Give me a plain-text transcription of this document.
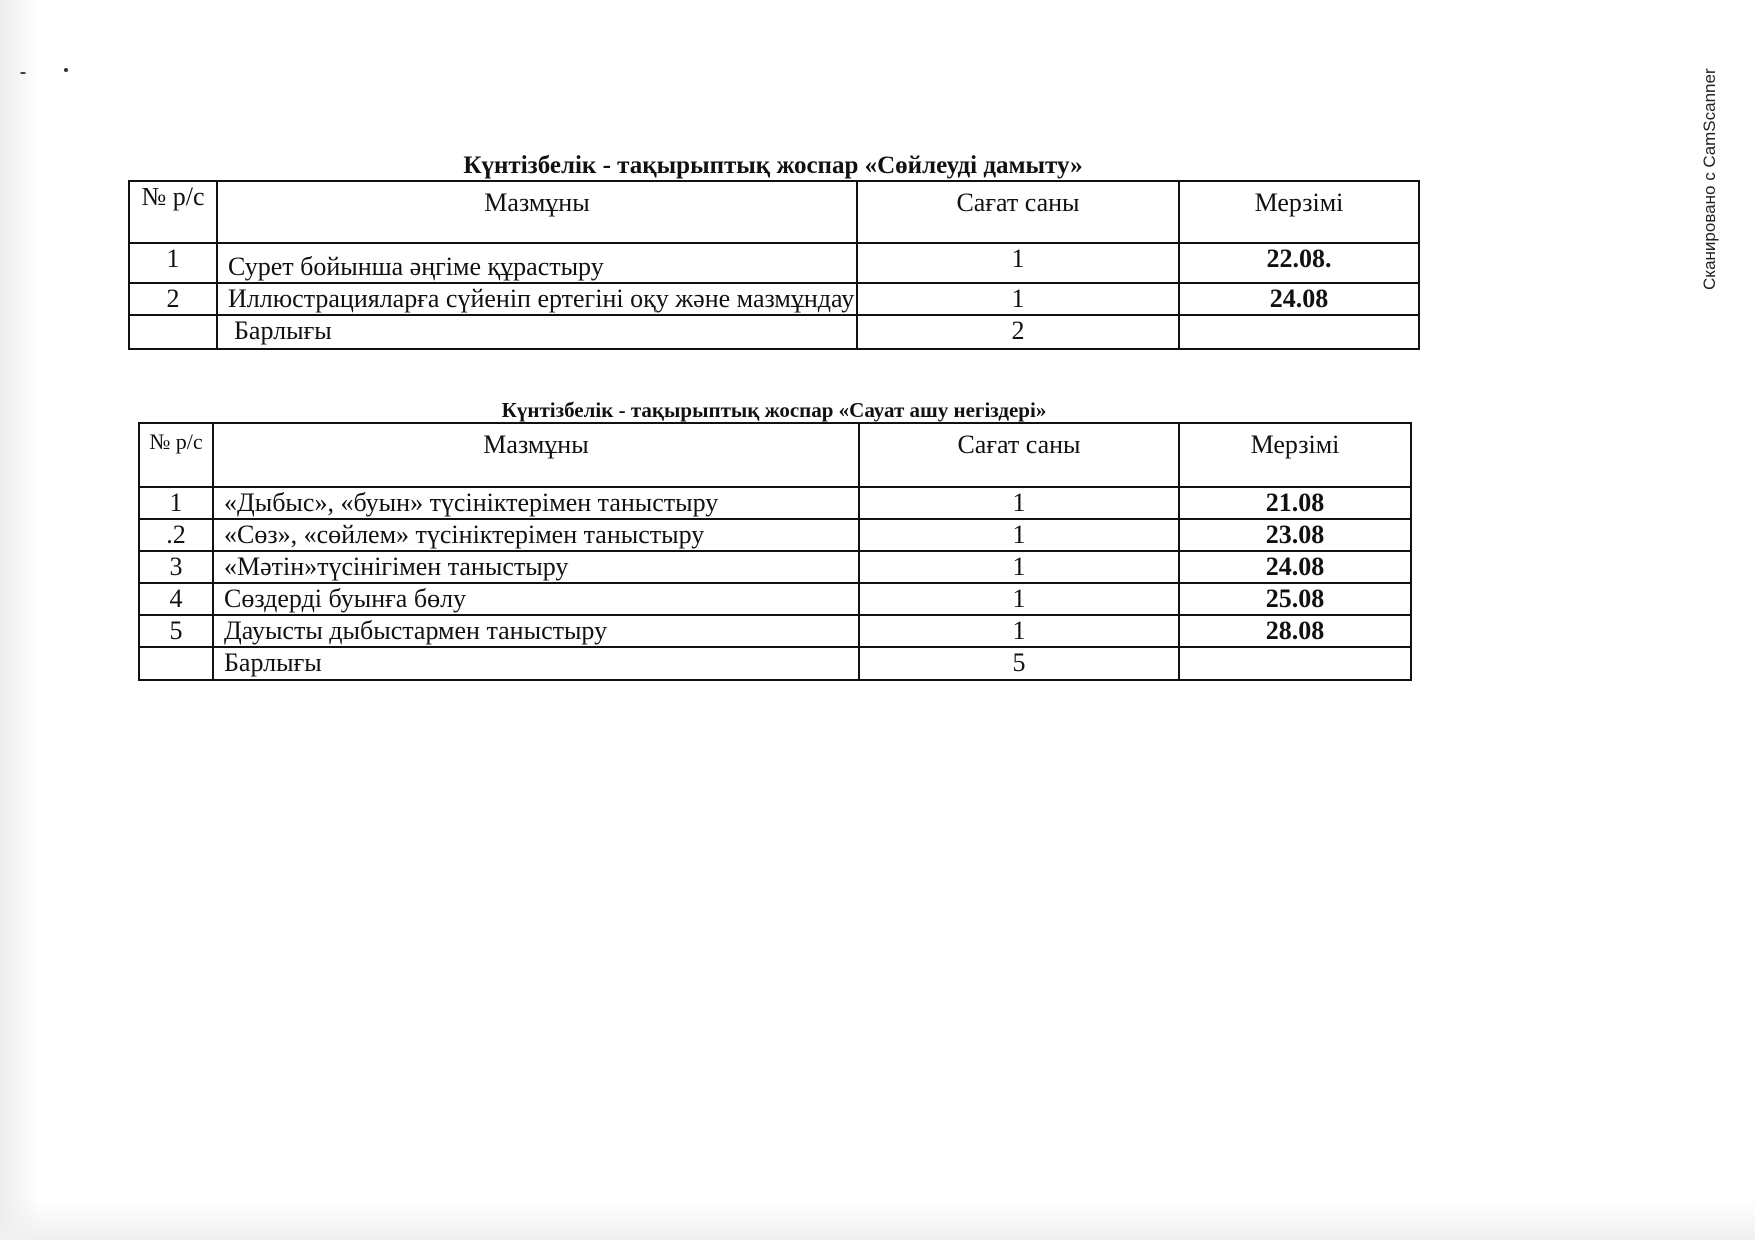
Сканировано с CamScanner
Күнтізбелік - тақырыптық жоспар «Сөйлеуді дамыту»
№ р/с	Мазмұны	Сағат саны	Мерзімі
1	Сурет бойынша әңгіме құрастыру	1	22.08.
2	Иллюстрацияларға сүйеніп ертегіні оқу және мазмұндау	1	24.08
	Барлығы	2	
Күнтізбелік - тақырыптық жоспар «Сауат ашу негіздері»
№ р/с	Мазмұны	Сағат саны	Мерзімі
1	«Дыбыс», «буын» түсініктерімен таныстыру	1	21.08
.2	«Сөз», «сөйлем» түсініктерімен таныстыру	1	23.08
3	«Мәтін»түсінігімен таныстыру	1	24.08
4	Сөздерді буынға бөлу	1	25.08
5	Дауысты дыбыстармен таныстыру	1	28.08
	Барлығы	5	
